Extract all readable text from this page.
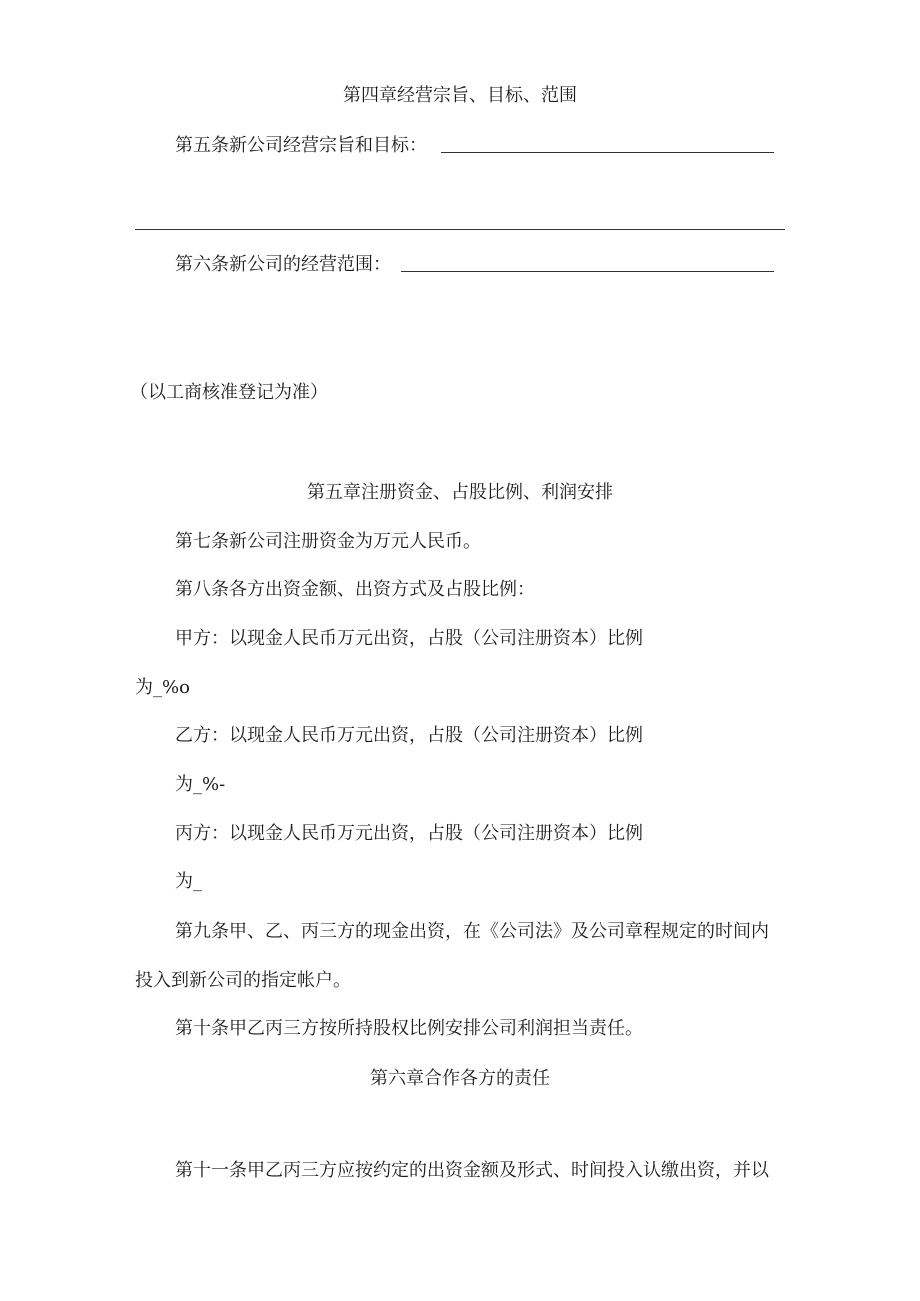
第四章经营宗旨、目标、范围
第五条新公司经营宗旨和目标：
第六条新公司的经营范围：
（以工商核准登记为准）
第五章注册资金、占股比例、利润安排
第七条新公司注册资金为万元人民币。
第八条各方出资金额、出资方式及占股比例：
甲方：以现金人民币万元出资，占股（公司注册资本）比例
为_%o
乙方：以现金人民币万元出资，占股（公司注册资本）比例
为_%-
丙方：以现金人民币万元出资，占股（公司注册资本）比例
为_
第九条甲、乙、丙三方的现金出资，在《公司法》及公司章程规定的时间内
投入到新公司的指定帐户。
第十条甲乙丙三方按所持股权比例安排公司利润担当责任。
第六章合作各方的责任
第十一条甲乙丙三方应按约定的出资金额及形式、时间投入认缴出资，并以
